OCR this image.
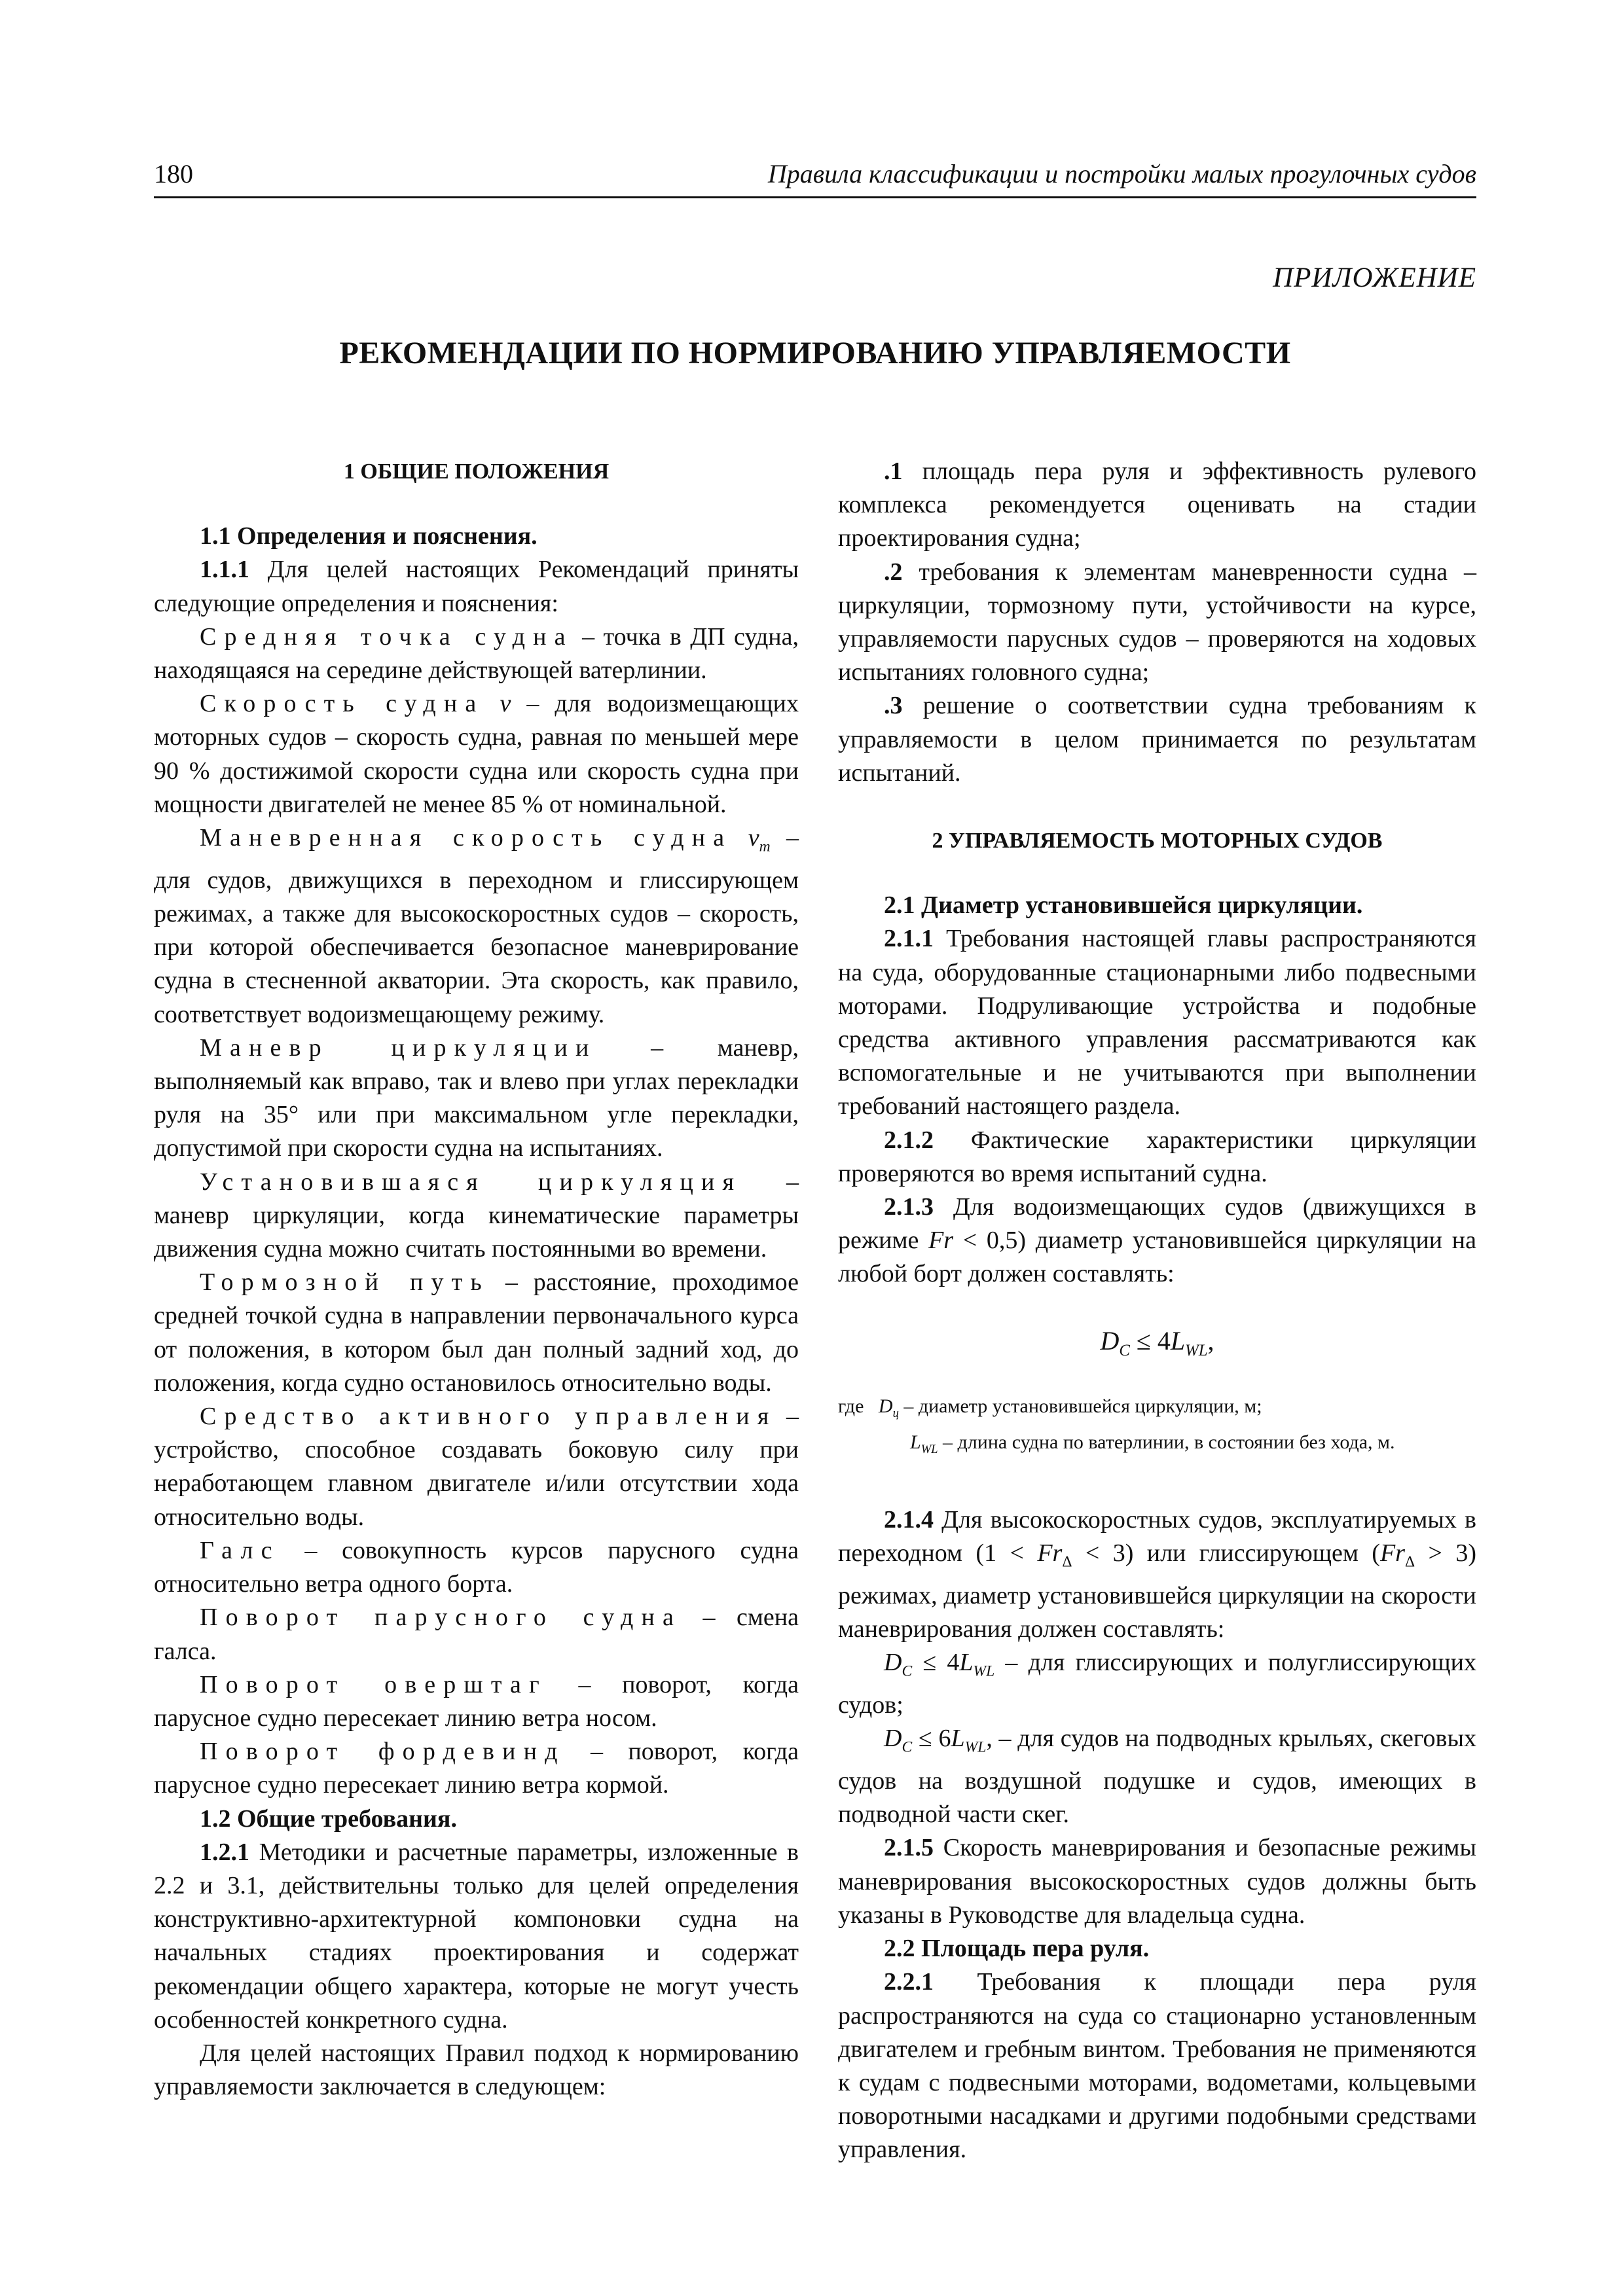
180	Правила классификации и постройки малых прогулочных судов
ПРИЛОЖЕНИЕ
РЕКОМЕНДАЦИИ ПО НОРМИРОВАНИЮ УПРАВЛЯЕМОСТИ
1 ОБЩИЕ ПОЛОЖЕНИЯ

1.1 Определения и пояснения.

1.1.1 Для целей настоящих Рекомендаций приняты следующие определения и пояснения:

Средняя точка судна – точка в ДП судна, находящаяся на середине действующей ватерлинии.

Скорость судна v – для водоизмещающих моторных судов – скорость судна, равная по меньшей мере 90 % достижимой скорости судна или скорость судна при мощности двигателей не менее 85 % от номинальной.

Маневренная скорость судна $v_m$ – для судов, движущихся в переходном и глиссирующем режимах, а также для высокоскоростных судов – скорость, при которой обеспечивается безопасное маневрирование судна в стесненной акватории. Эта скорость, как правило, соответствует водоизмещающему режиму.

Маневр циркуляции – маневр, выполняемый как вправо, так и влево при углах перекладки руля на 35° или при максимальном угле перекладки, допустимой при скорости судна на испытаниях.

Установившаяся циркуляция – маневр циркуляции, когда кинематические параметры движения судна можно считать постоянными во времени.

Тормозной путь – расстояние, проходимое средней точкой судна в направлении первоначального курса от положения, в котором был дан полный задний ход, до положения, когда судно остановилось относительно воды.

Средство активного управления – устройство, способное создавать боковую силу при неработающем главном двигателе и/или отсутствии хода относительно воды.

Галс – совокупность курсов парусного судна относительно ветра одного борта.

Поворот парусного судна – смена галса.

Поворот оверштаг – поворот, когда парусное судно пересекает линию ветра носом.

Поворот фордевинд – поворот, когда парусное судно пересекает линию ветра кормой.

1.2 Общие требования.

1.2.1 Методики и расчетные параметры, изложенные в 2.2 и 3.1, действительны только для целей определения конструктивно-архитектурной компоновки судна на начальных стадиях проектирования и содержат рекомендации общего характера, которые не могут учесть особенностей конкретного судна.

Для целей настоящих Правил подход к нормированию управляемости заключается в следующем:

.1 площадь пера руля и эффективность рулевого комплекса рекомендуется оценивать на стадии проектирования судна;

.2 требования к элементам маневренности судна – циркуляции, тормозному пути, устойчивости на курсе, управляемости парусных судов – проверяются на ходовых испытаниях головного судна;

.3 решение о соответствии судна требованиям к управляемости в целом принимается по результатам испытаний.

2 УПРАВЛЯЕМОСТЬ МОТОРНЫХ СУДОВ

2.1 Диаметр установившейся циркуляции.

2.1.1 Требования настоящей главы распространяются на суда, оборудованные стационарными либо подвесными моторами. Подруливающие устройства и подобные средства активного управления рассматриваются как вспомогательные и не учитываются при выполнении требований настоящего раздела.

2.1.2 Фактические характеристики циркуляции проверяются во время испытаний судна.

2.1.3 Для водоизмещающих судов (движущихся в режиме Fr < 0,5) диаметр установившейся циркуляции на любой борт должен составлять:

$D_C \le 4L_{WL}$,
где $D_ц$ – диаметр установившейся циркуляции, м;
$L_{WL}$ – длина судна по ватерлинии, в состоянии без хода, м.

2.1.4 Для высокоскоростных судов, эксплуатируемых в переходном $(1 < Fr_\Delta < 3)$ или глиссирующем $(Fr_\Delta > 3)$ режимах, диаметр установившейся циркуляции на скорости маневрирования должен составлять:

$D_C \le 4L_{WL}$ – для глиссирующих и полуглиссирующих судов;

$D_C \le 6L_{WL}$, – для судов на подводных крыльях, скеговых судов на воздушной подушке и судов, имеющих в подводной части скег.

2.1.5 Скорость маневрирования и безопасные режимы маневрирования высокоскоростных судов должны быть указаны в Руководстве для владельца судна.

2.2 Площадь пера руля.

2.2.1 Требования к площади пера руля распространяются на суда со стационарно установленным двигателем и гребным винтом. Требования не применяются к судам с подвесными моторами, водометами, кольцевыми поворотными насадками и другими подобными средствами управления.
